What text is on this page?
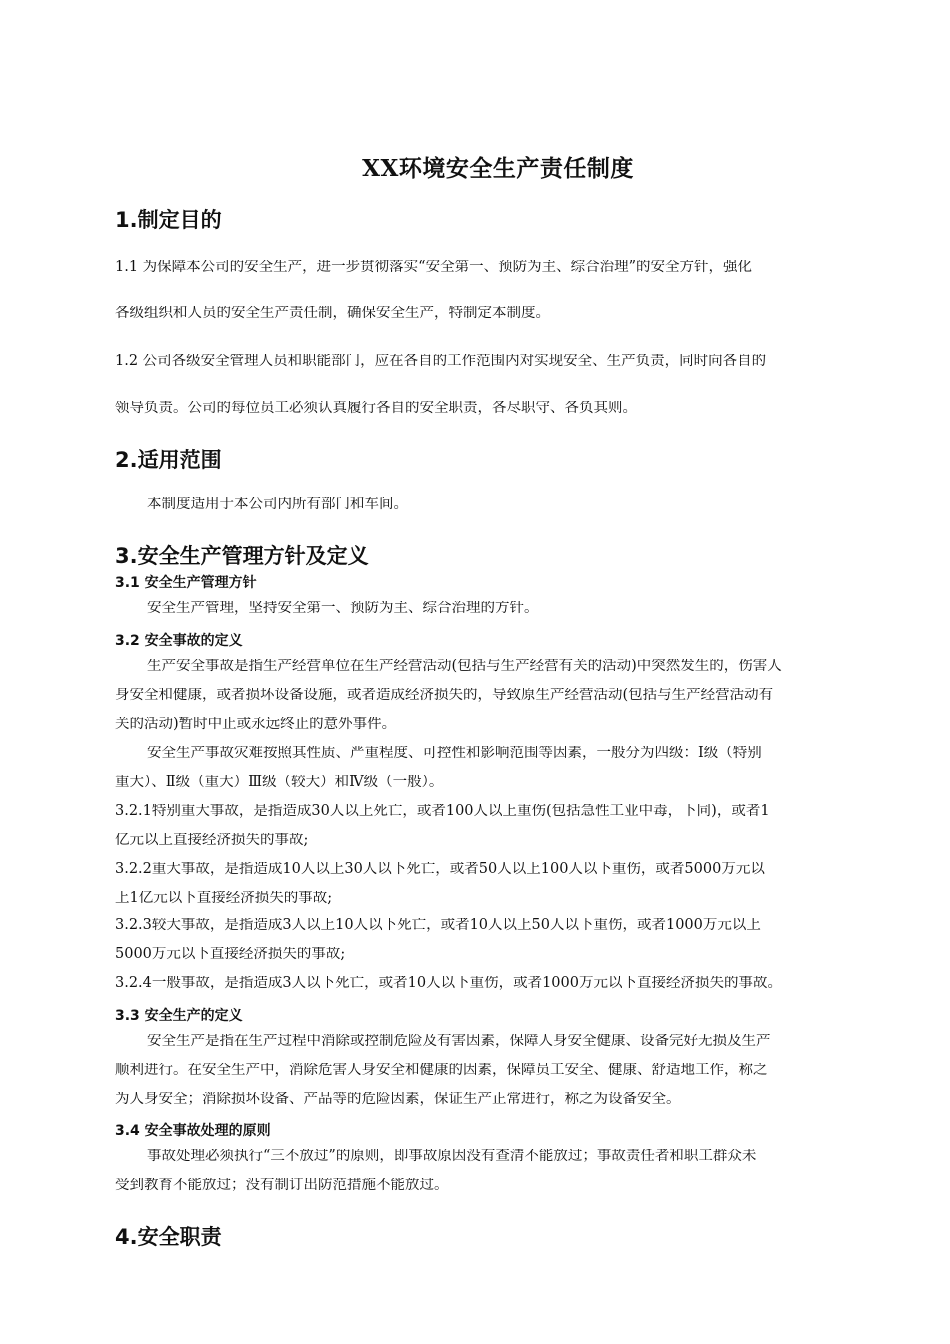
XX环境安全生产责任制度
1.制定目的
1.1 为保障本公司的安全生产，进一步贯彻落实“安全第一、预防为主、综合治理”的安全方针，强化
各级组织和人员的安全生产责任制，确保安全生产，特制定本制度。
1.2 公司各级安全管理人员和职能部门，应在各自的工作范围内对实现安全、生产负责，同时向各自的
领导负责。公司的每位员工必须认真履行各自的安全职责，各尽职守、各负其则。
2.适用范围
本制度适用于本公司内所有部门和车间。
3.安全生产管理方针及定义
3.1 安全生产管理方针
安全生产管理，坚持安全第一、预防为主、综合治理的方针。
3.2 安全事故的定义
生产安全事故是指生产经营单位在生产经营活动(包括与生产经营有关的活动)中突然发生的，伤害人
身安全和健康，或者损坏设备设施，或者造成经济损失的，导致原生产经营活动(包括与生产经营活动有
关的活动)暂时中止或永远终止的意外事件。
安全生产事故灾难按照其性质、严重程度、可控性和影响范围等因素，一般分为四级：Ⅰ级（特别
重大）、Ⅱ级（重大）Ⅲ级（较大）和Ⅳ级（一般）。
3.2.1特别重大事故，是指造成30人以上死亡，或者100人以上重伤(包括急性工业中毒，下同)，或者1
亿元以上直接经济损失的事故;
3.2.2重大事故，是指造成10人以上30人以下死亡，或者50人以上100人以下重伤，或者5000万元以
上1亿元以下直接经济损失的事故;
3.2.3较大事故，是指造成3人以上10人以下死亡，或者10人以上50人以下重伤，或者1000万元以上
5000万元以下直接经济损失的事故;
3.2.4一般事故，是指造成3人以下死亡，或者10人以下重伤，或者1000万元以下直接经济损失的事故。
3.3 安全生产的定义
安全生产是指在生产过程中消除或控制危险及有害因素，保障人身安全健康、设备完好无损及生产
顺利进行。在安全生产中，消除危害人身安全和健康的因素，保障员工安全、健康、舒适地工作，称之
为人身安全；消除损坏设备、产品等的危险因素，保证生产正常进行，称之为设备安全。
3.4 安全事故处理的原则
事故处理必须执行“三不放过”的原则，即事故原因没有查清不能放过；事故责任者和职工群众未
受到教育不能放过；没有制订出防范措施不能放过。
4.安全职责
